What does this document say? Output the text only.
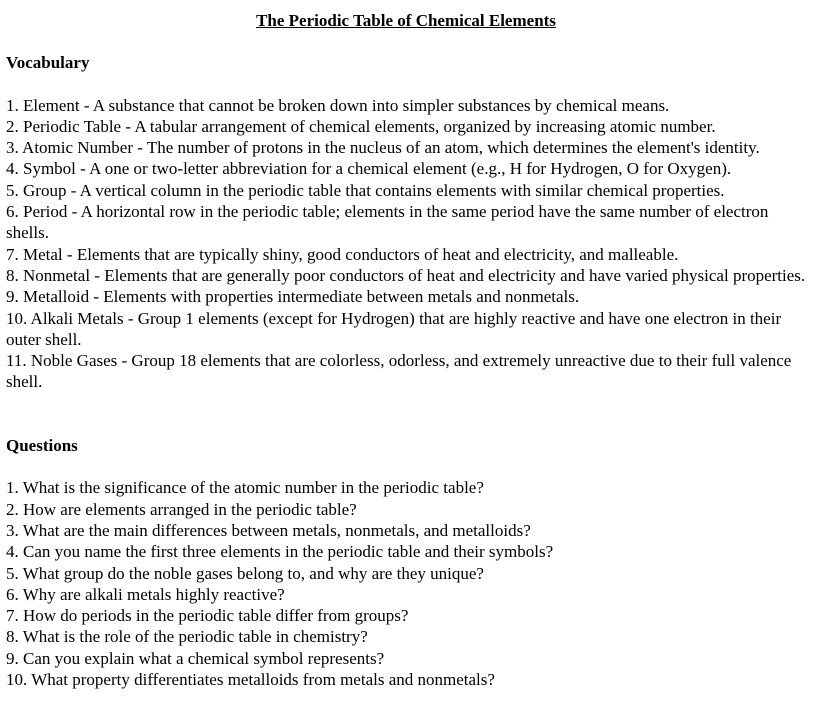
The Periodic Table of Chemical Elements
Vocabulary

1. Element - A substance that cannot be broken down into simpler substances by chemical means.

2. Periodic Table - A tabular arrangement of chemical elements, organized by increasing atomic number.

3. Atomic Number - The number of protons in the nucleus of an atom, which determines the element's identity.

4. Symbol - A one or two-letter abbreviation for a chemical element (e.g., H for Hydrogen, O for Oxygen).

5. Group - A vertical column in the periodic table that contains elements with similar chemical properties.

6. Period - A horizontal row in the periodic table; elements in the same period have the same number of electron shells.

7. Metal - Elements that are typically shiny, good conductors of heat and electricity, and malleable.

8. Nonmetal - Elements that are generally poor conductors of heat and electricity and have varied physical properties.

9. Metalloid - Elements with properties intermediate between metals and nonmetals.

10. Alkali Metals - Group 1 elements (except for Hydrogen) that are highly reactive and have one electron in their outer shell.

11. Noble Gases - Group 18 elements that are colorless, odorless, and extremely unreactive due to their full valence shell.

Questions

1. What is the significance of the atomic number in the periodic table?

2. How are elements arranged in the periodic table?

3. What are the main differences between metals, nonmetals, and metalloids?

4. Can you name the first three elements in the periodic table and their symbols?

5. What group do the noble gases belong to, and why are they unique?

6. Why are alkali metals highly reactive?

7. How do periods in the periodic table differ from groups?

8. What is the role of the periodic table in chemistry?

9. Can you explain what a chemical symbol represents?

10. What property differentiates metalloids from metals and nonmetals?
